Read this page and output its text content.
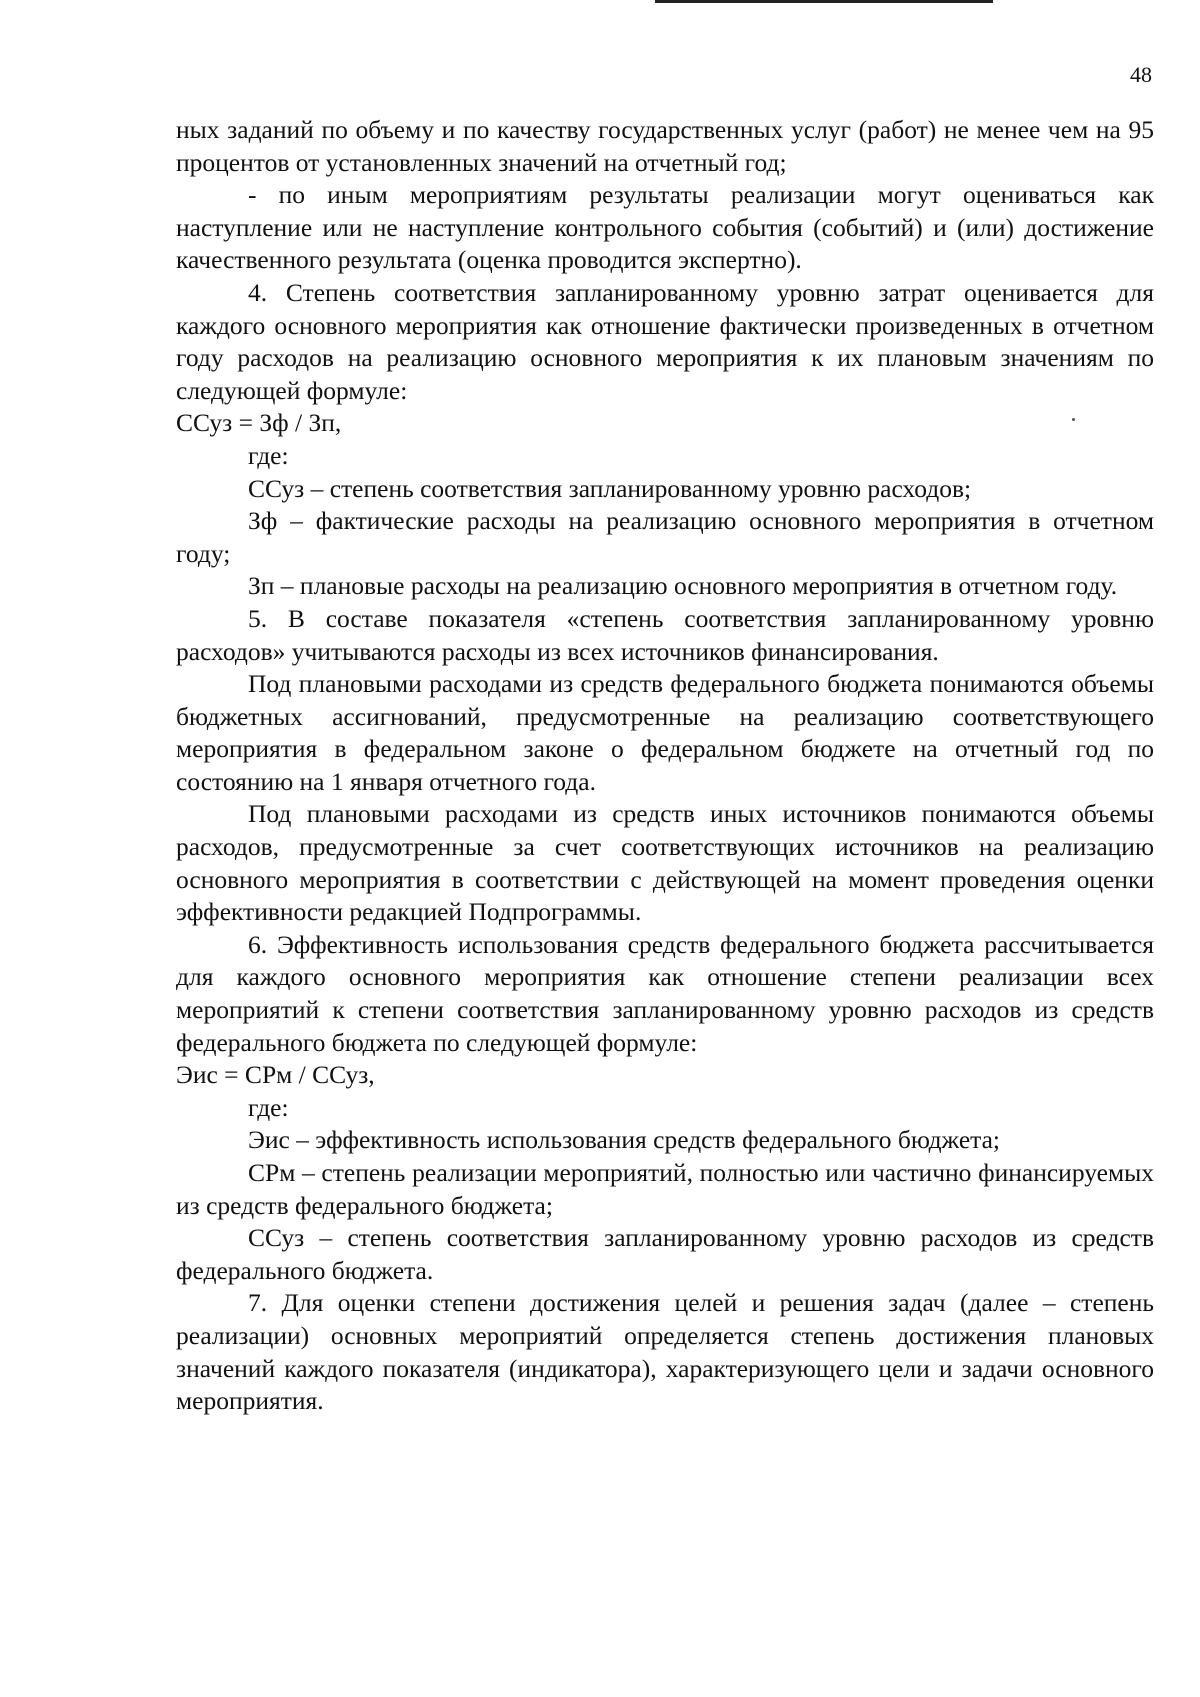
48

ных заданий по объему и по качеству государственных услуг (работ) не менее чем на 95 процентов от установленных значений на отчетный год;

- по иным мероприятиям результаты реализации могут оцениваться как наступление или не наступление контрольного события (событий) и (или) достижение качественного результата (оценка проводится экспертно).

4. Степень соответствия запланированному уровню затрат оценивается для каждого основного мероприятия как отношение фактически произведенных в отчетном году расходов на реализацию основного мероприятия к их плановым значениям по следующей формуле:

ССуз = Зф / Зп,

где:

ССуз – степень соответствия запланированному уровню расходов;

Зф – фактические расходы на реализацию основного мероприятия в отчетном году;

Зп – плановые расходы на реализацию основного мероприятия в отчетном году.

5. В составе показателя «степень соответствия запланированному уровню расходов» учитываются расходы из всех источников финансирования.

Под плановыми расходами из средств федерального бюджета понимаются объемы бюджетных ассигнований, предусмотренные на реализацию соответствующего мероприятия в федеральном законе о федеральном бюджете на отчетный год по состоянию на 1 января отчетного года.

Под плановыми расходами из средств иных источников понимаются объемы расходов, предусмотренные за счет соответствующих источников на реализацию основного мероприятия в соответствии с действующей на момент проведения оценки эффективности редакцией Подпрограммы.

6. Эффективность использования средств федерального бюджета рассчитывается для каждого основного мероприятия как отношение степени реализации всех мероприятий к степени соответствия запланированному уровню расходов из средств федерального бюджета по следующей формуле:

Эис = СРм / ССуз,

где:

Эис – эффективность использования средств федерального бюджета;

СРм – степень реализации мероприятий, полностью или частично финансируемых из средств федерального бюджета;

ССуз – степень соответствия запланированному уровню расходов из средств федерального бюджета.

7. Для оценки степени достижения целей и решения задач (далее – степень реализации) основных мероприятий определяется степень достижения плановых значений каждого показателя (индикатора), характеризующего цели и задачи основного мероприятия.
